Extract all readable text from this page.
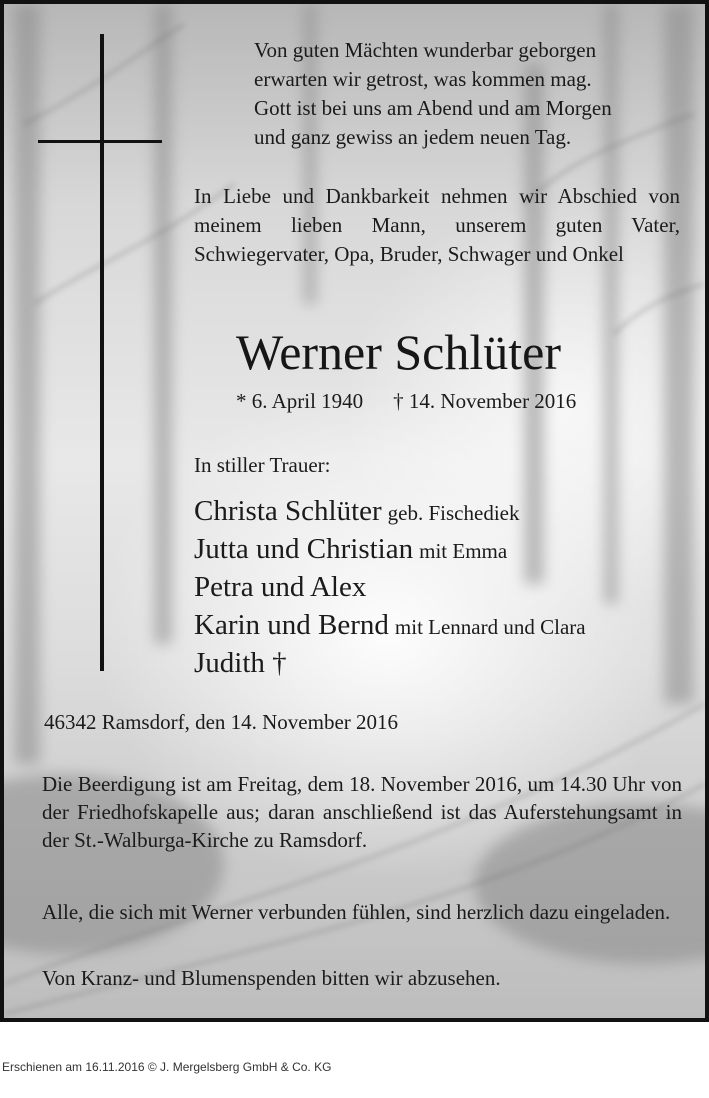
Von guten Mächten wunderbar geborgen
erwarten wir getrost, was kommen mag.
Gott ist bei uns am Abend und am Morgen
und ganz gewiss an jedem neuen Tag.
In Liebe und Dankbarkeit nehmen wir Abschied von meinem lieben Mann, unserem guten Vater, Schwiegervater, Opa, Bruder, Schwager und Onkel
Werner Schlüter
* 6. April 1940 † 14. November 2016
In stiller Trauer:
Christa Schlüter geb. Fischediek
Jutta und Christian mit Emma
Petra und Alex
Karin und Bernd mit Lennard und Clara
Judith †
46342 Ramsdorf, den 14. November 2016
Die Beerdigung ist am Freitag, dem 18. November 2016, um 14.30 Uhr von der Friedhofskapelle aus; daran anschließend ist das Auferstehungsamt in der St.-Walburga-Kirche zu Ramsdorf.
Alle, die sich mit Werner verbunden fühlen, sind herzlich dazu eingeladen.
Von Kranz- und Blumenspenden bitten wir abzusehen.
Erschienen am 16.11.2016 © J. Mergelsberg GmbH & Co. KG
